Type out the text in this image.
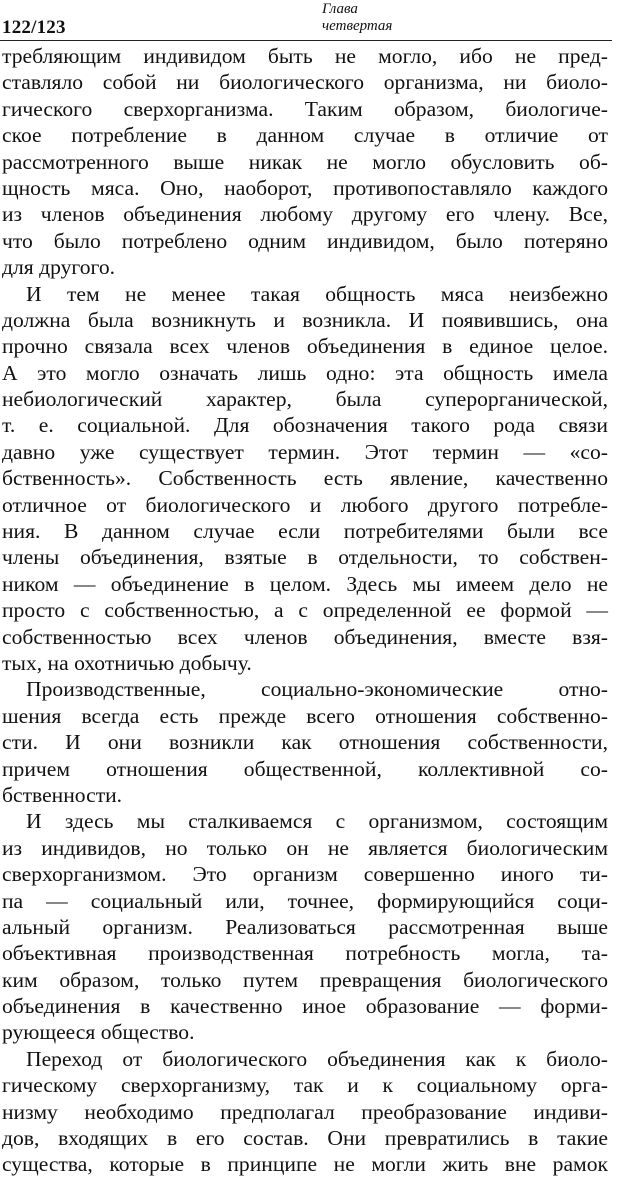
122/123
Глава
четвертая
требляющим индивидом быть не могло, ибо не пред-
ставляло собой ни биологического организма, ни биоло-
гического сверхорганизма. Таким образом, биологиче-
ское потребление в данном случае в отличие от
рассмотренного выше никак не могло обусловить об-
щность мяса. Оно, наоборот, противопоставляло каждого
из членов объединения любому другому его члену. Все,
что было потреблено одним индивидом, было потеряно
для другого.
И тем не менее такая общность мяса неизбежно
должна была возникнуть и возникла. И появившись, она
прочно связала всех членов объединения в единое целое.
А это могло означать лишь одно: эта общность имела
небиологический характер, была суперорганической,
т. е. социальной. Для обозначения такого рода связи
давно уже существует термин. Этот термин — «со-
бственность». Собственность есть явление, качественно
отличное от биологического и любого другого потребле-
ния. В данном случае если потребителями были все
члены объединения, взятые в отдельности, то собствен-
ником — объединение в целом. Здесь мы имеем дело не
просто с собственностью, а с определенной ее формой —
собственностью всех членов объединения, вместе взя-
тых, на охотничью добычу.
Производственные, социально-экономические отно-
шения всегда есть прежде всего отношения собственно-
сти. И они возникли как отношения собственности,
причем отношения общественной, коллективной со-
бственности.
И здесь мы сталкиваемся с организмом, состоящим
из индивидов, но только он не является биологическим
сверхорганизмом. Это организм совершенно иного ти-
па — социальный или, точнее, формирующийся соци-
альный организм. Реализоваться рассмотренная выше
объективная производственная потребность могла, та-
ким образом, только путем превращения биологического
объединения в качественно иное образование — форми-
рующееся общество.
Переход от биологического объединения как к биоло-
гическому сверхорганизму, так и к социальному орга-
низму необходимо предполагал преобразование индиви-
дов, входящих в его состав. Они превратились в такие
существа, которые в принципе не могли жить вне рамок
